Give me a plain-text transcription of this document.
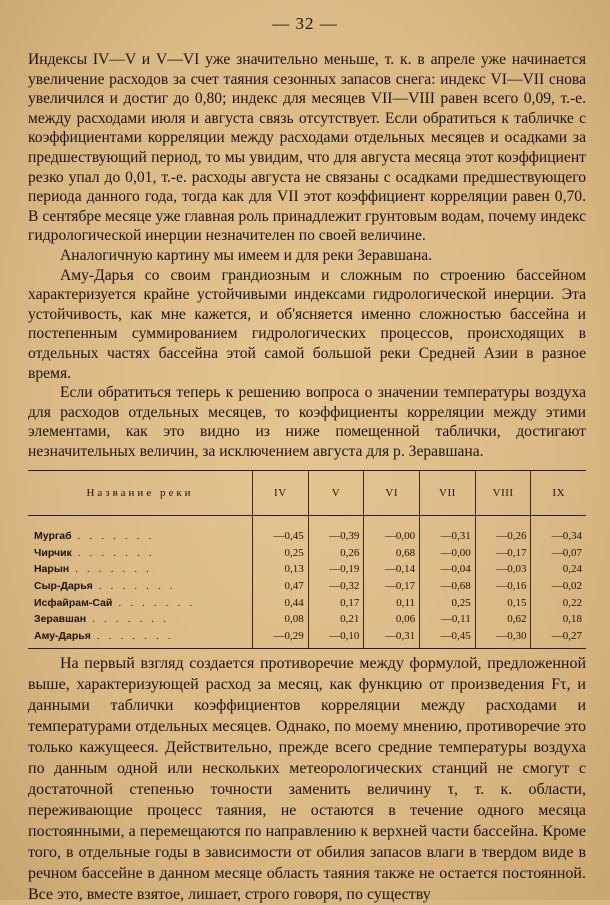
— 32 —

Индексы IV—V и V—VI уже значительно меньше, т. к. в апреле уже начинается увеличение расходов за счет таяния сезонных запасов снега: индекс VI—VII снова увеличился и достиг до 0,80; индекс для месяцев VII—VIII равен всего 0,09, т.-е. между расходами июля и августа связь отсутствует. Если обратиться к табличке с коэффициентами корреляции между расходами отдельных месяцев и осадками за предшествующий период, то мы увидим, что для августа месяца этот коэффициент резко упал до 0,01, т.-е. расходы августа не связаны с осадками предшествующего периода данного года, тогда как для VII этот коэффициент корреляции равен 0,70. В сентябре месяце уже главная роль принадлежит грунтовым водам, почему индекс гидрологической инерции незначителен по своей величине.

Аналогичную картину мы имеем и для реки Зеравшана.

Аму-Дарья со своим грандиозным и сложным по строению бассейном характеризуется крайне устойчивыми индексами гидрологической инерции. Эта устойчивость, как мне кажется, и об'ясняется именно сложностью бассейна и постепенным суммированием гидрологических процессов, происходящих в отдельных частях бассейна этой самой большой реки Средней Азии в разное время.

Если обратиться теперь к решению вопроса о значении температуры воздуха для расходов отдельных месяцев, то коэффициенты корреляции между этими элементами, как это видно из ниже помещенной таблички, достигают незначительных величин, за исключением августа для р. Зеравшана.

Название реки	IV	V	VI	VII	VIII	IX

Мургаб . . . . . . .	—0,45	—0,39	—0,00	—0,31	—0,26	—0,34
Чирчик . . . . . . .	0,25	0,26	0,68	—0,00	—0,17	—0,07
Нарын . . . . . . .	0,13	—0,19	—0,14	—0,04	—0,03	0,24
Сыр-Дарья . . . . . . .	0,47	—0,32	—0,17	—0,68	—0,16	—0,02
Исфайрам-Сай . . . . . . .	0,44	0,17	0,11	0,25	0,15	0,22
Зеравшан . . . . . . .	0,08	0,21	0,06	—0,11	0,62	0,18
Аму-Дарья . . . . . . .	—0,29	—0,10	—0,31	—0,45	—0,30	—0,27

На первый взгляд создается противоречие между формулой, предложенной выше, характеризующей расход за месяц, как функцию от произведения Fτ, и данными таблички коэффициентов корреляции между расходами и температурами отдельных месяцев. Однако, по моему мнению, противоречие это только кажущееся. Действительно, прежде всего средние температуры воздуха по данным одной или нескольких метеорологических станций не смогут с достаточной степенью точности заменить величину τ, т. к. области, переживающие процесс таяния, не остаются в течение одного месяца постоянными, а перемещаются по направлению к верхней части бассейна. Кроме того, в отдельные годы в зависимости от обилия запасов влаги в твердом виде в речном бассейне в данном месяце область таяния также не остается постоянной. Все это, вместе взятое, лишает, строго говоря, по существу
